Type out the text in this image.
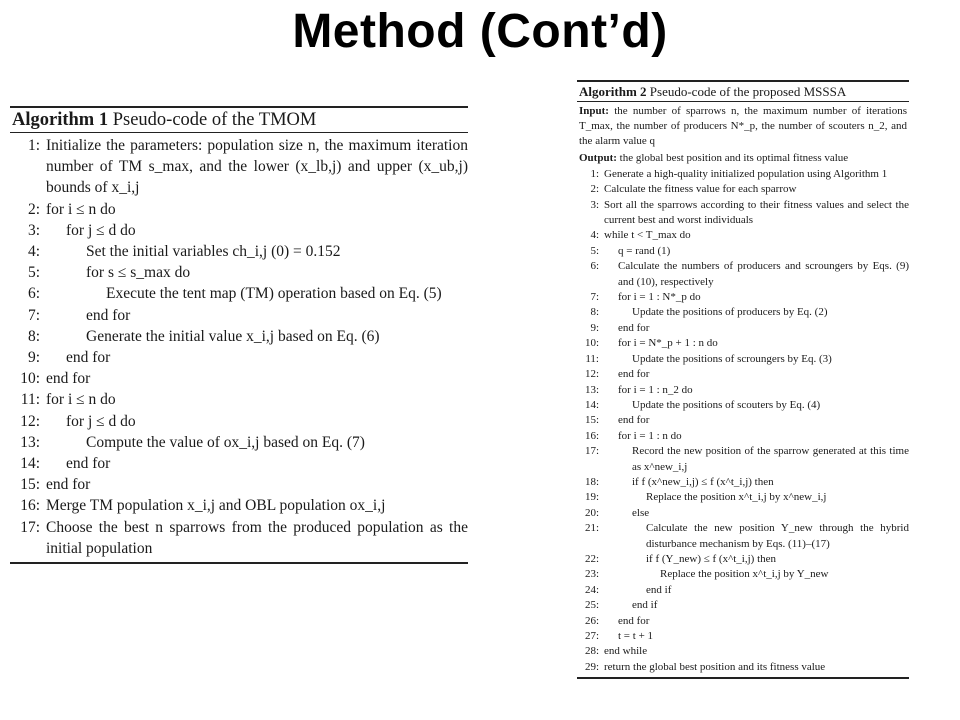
Method (Cont’d)
Algorithm 1 Pseudo-code of the TMOM
1: Initialize the parameters: population size n, the maximum iteration number of TM s_max, and the lower (x_lb,j) and upper (x_ub,j) bounds of x_i,j
2: for i ≤ n do
3:	for j ≤ d do
4:	Set the initial variables ch_i,j (0) = 0.152
5:	for s ≤ s_max do
6:	Execute the tent map (TM) operation based on Eq. (5)
7:	end for
8:	Generate the initial value x_i,j based on Eq. (6)
9:	end for
10: end for
11: for i ≤ n do
12:	for j ≤ d do
13:	Compute the value of ox_i,j based on Eq. (7)
14:	end for
15: end for
16: Merge TM population x_i,j and OBL population ox_i,j
17: Choose the best n sparrows from the produced population as the initial population
Algorithm 2 Pseudo-code of the proposed MSSSA
Input: the number of sparrows n, the maximum number of iterations T_max, the number of producers N*_p, the number of scouters n_2, and the alarm value q
Output: the global best position and its optimal fitness value
1: Generate a high-quality initialized population using Algorithm 1
2: Calculate the fitness value for each sparrow
3: Sort all the sparrows according to their fitness values and select the current best and worst individuals
4: while t < T_max do
5:	q = rand (1)
6:	Calculate the numbers of producers and scroungers by Eqs. (9) and (10), respectively
7:	for i = 1 : N*_p do
8:	Update the positions of producers by Eq. (2)
9:	end for
10:	for i = N*_p + 1 : n do
11:	Update the positions of scroungers by Eq. (3)
12:	end for
13:	for i = 1 : n_2 do
14:	Update the positions of scouters by Eq. (4)
15:	end for
16:	for i = 1 : n do
17:	Record the new position of the sparrow generated at this time as x^new_i,j
18:	if f (x^new_i,j) ≤ f (x^t_i,j) then
19:	Replace the position x^t_i,j by x^new_i,j
20:	else
21:	Calculate the new position Y_new through the hybrid disturbance mechanism by Eqs. (11)–(17)
22:	if f (Y_new) ≤ f (x^t_i,j) then
23:	Replace the position x^t_i,j by Y_new
24:	end if
25:	end if
26:	end for
27:	t = t + 1
28: end while
29: return the global best position and its fitness value
